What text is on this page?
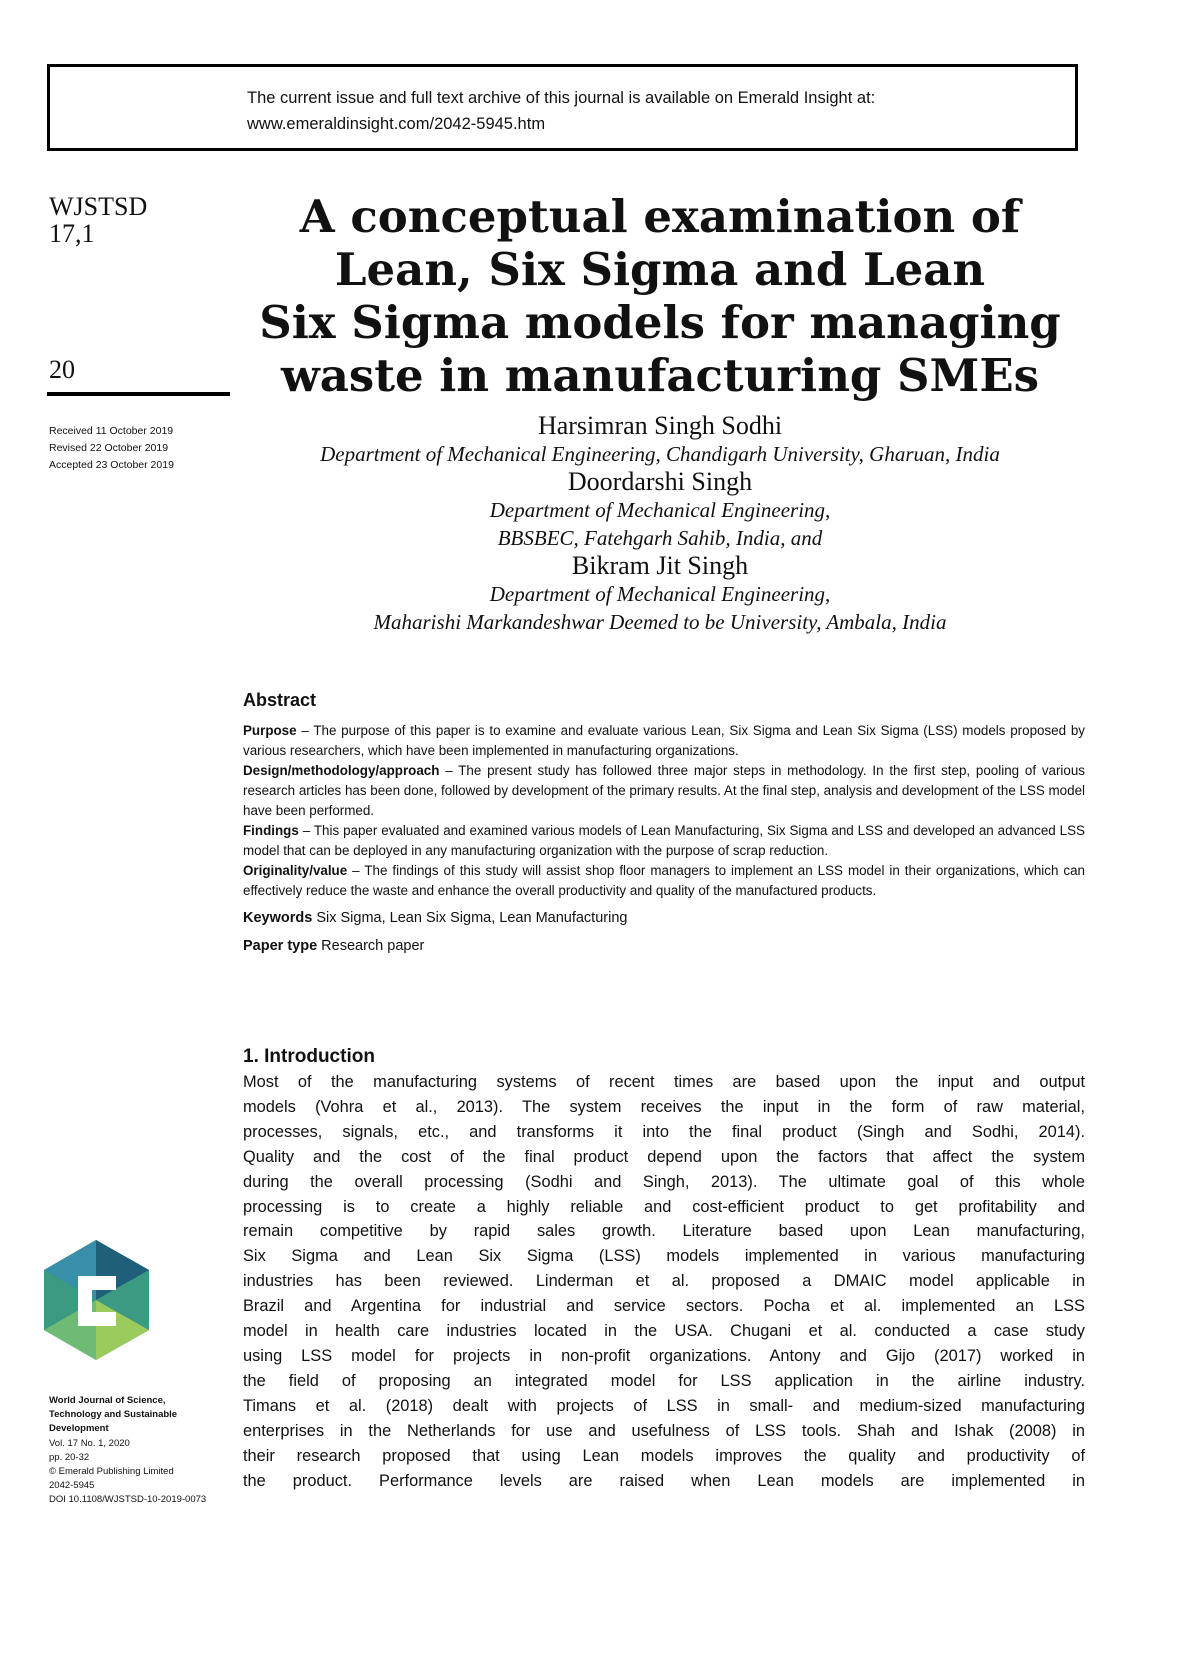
The current issue and full text archive of this journal is available on Emerald Insight at:
www.emeraldinsight.com/2042-5945.htm
WJSTSD
17,1
20
Received 11 October 2019
Revised 22 October 2019
Accepted 23 October 2019
World Journal of Science,
Technology and Sustainable
Development
Vol. 17 No. 1, 2020
pp. 20-32
© Emerald Publishing Limited
2042-5945
DOI 10.1108/WJSTSD-10-2019-0073
A conceptual examination of
Lean, Six Sigma and Lean
Six Sigma models for managing
waste in manufacturing SMEs
Harsimran Singh Sodhi
Department of Mechanical Engineering, Chandigarh University, Gharuan, India
Doordarshi Singh
Department of Mechanical Engineering,
BBSBEC, Fatehgarh Sahib, India, and
Bikram Jit Singh
Department of Mechanical Engineering,
Maharishi Markandeshwar Deemed to be University, Ambala, India
Abstract
Purpose – The purpose of this paper is to examine and evaluate various Lean, Six Sigma and Lean Six Sigma (LSS) models proposed by various researchers, which have been implemented in manufacturing organizations.
Design/methodology/approach – The present study has followed three major steps in methodology. In the first step, pooling of various research articles has been done, followed by development of the primary results. At the final step, analysis and development of the LSS model have been performed.
Findings – This paper evaluated and examined various models of Lean Manufacturing, Six Sigma and LSS and developed an advanced LSS model that can be deployed in any manufacturing organization with the purpose of scrap reduction.
Originality/value – The findings of this study will assist shop floor managers to implement an LSS model in their organizations, which can effectively reduce the waste and enhance the overall productivity and quality of the manufactured products.
Keywords Six Sigma, Lean Six Sigma, Lean Manufacturing
Paper type Research paper
1. Introduction
Most of the manufacturing systems of recent times are based upon the input and output
models (Vohra et al., 2013). The system receives the input in the form of raw material,
processes, signals, etc., and transforms it into the final product (Singh and Sodhi, 2014).
Quality and the cost of the final product depend upon the factors that affect the system
during the overall processing (Sodhi and Singh, 2013). The ultimate goal of this whole
processing is to create a highly reliable and cost-efficient product to get profitability and
remain competitive by rapid sales growth. Literature based upon Lean manufacturing,
Six Sigma and Lean Six Sigma (LSS) models implemented in various manufacturing
industries has been reviewed. Linderman et al. proposed a DMAIC model applicable in
Brazil and Argentina for industrial and service sectors. Pocha et al. implemented an LSS
model in health care industries located in the USA. Chugani et al. conducted a case study
using LSS model for projects in non-profit organizations. Antony and Gijo (2017) worked in
the field of proposing an integrated model for LSS application in the airline industry.
Timans et al. (2018) dealt with projects of LSS in small- and medium-sized manufacturing
enterprises in the Netherlands for use and usefulness of LSS tools. Shah and Ishak (2008) in
their research proposed that using Lean models improves the quality and productivity of
the product. Performance levels are raised when Lean models are implemented in
